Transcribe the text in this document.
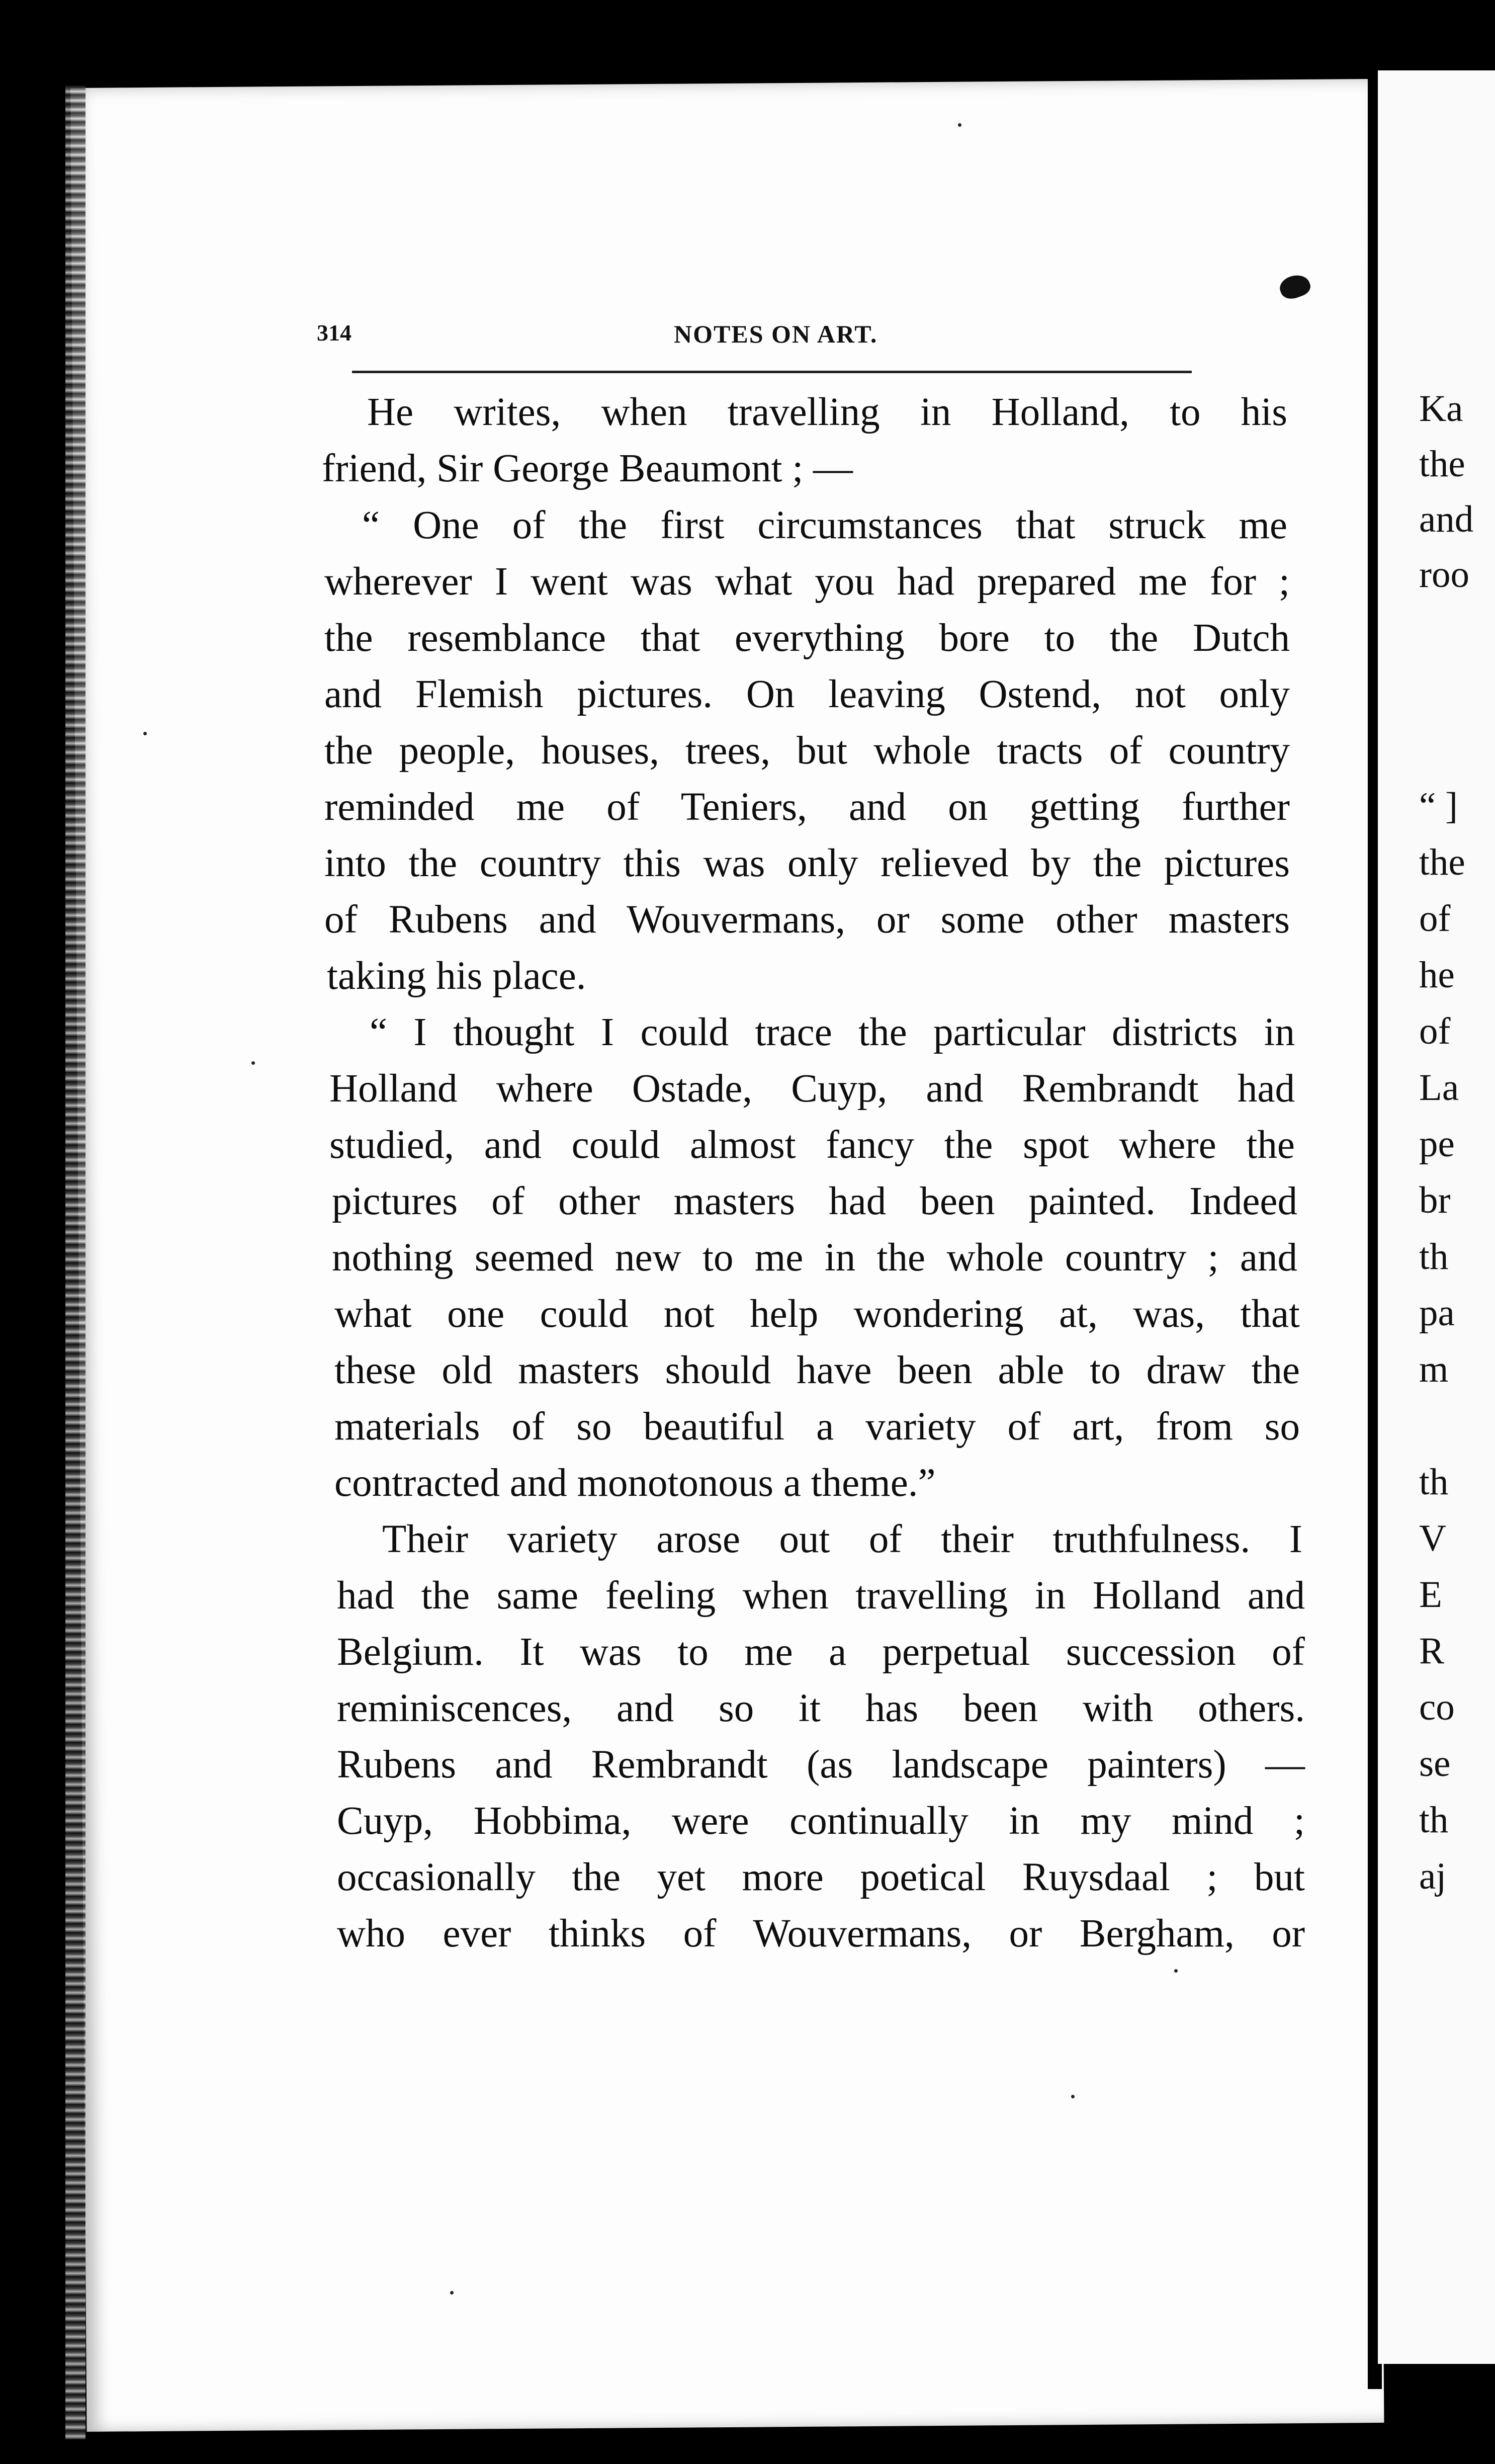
314	NOTES ON ART.
He writes, when travelling in Holland, to his
friend, Sir George Beaumont ; —
“ One of the first circumstances that struck me
wherever I went was what you had prepared me for ;
the resemblance that everything bore to the Dutch
and Flemish pictures. On leaving Ostend, not only
the people, houses, trees, but whole tracts of country
reminded me of Teniers, and on getting further
into the country this was only relieved by the pictures
of Rubens and Wouvermans, or some other masters
taking his place.
“ I thought I could trace the particular districts in
Holland where Ostade, Cuyp, and Rembrandt had
studied, and could almost fancy the spot where the
pictures of other masters had been painted. Indeed
nothing seemed new to me in the whole country ; and
what one could not help wondering at, was, that
these old masters should have been able to draw the
materials of so beautiful a variety of art, from so
contracted and monotonous a theme.”
Their variety arose out of their truthfulness. I
had the same feeling when travelling in Holland and
Belgium. It was to me a perpetual succession of
reminiscences, and so it has been with others.
Rubens and Rembrandt (as landscape painters) —
Cuyp, Hobbima, were continually in my mind ;
occasionally the yet more poetical Ruysdaal ; but
who ever thinks of Wouvermans, or Bergham, or
Ka
the
and
roo
“ ]
the
of
he
of
La
pe
br
th
pa
m
th
V
E
R
co
se
th
aj
